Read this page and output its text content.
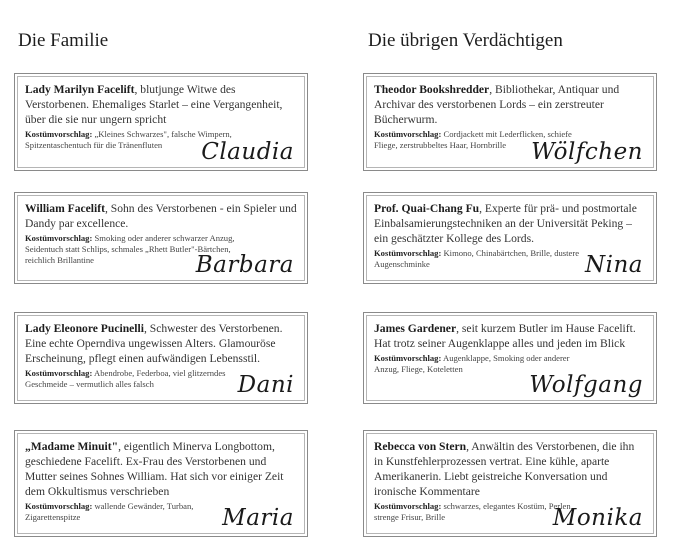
Die Familie	Die übrigen Verdächtigen
Lady Marilyn Facelift, blutjunge Witwe des Verstorbenen. Ehemaliges Starlet – eine Vergangenheit, über die sie nur ungern spricht
Kostümvorschlag: „Kleines Schwarzes", falsche Wimpern, Spitzentaschentuch für die Tränenfluten	Claudia
William Facelift, Sohn des Verstorbenen - ein Spieler und Dandy par excellence.
Kostümvorschlag: Smoking oder anderer schwarzer Anzug, Seidentuch statt Schlips, schmales „Rhett Butler"-Bärtchen, reichlich Brillantine	Barbara
Lady Eleonore Pucinelli, Schwester des Verstorbenen. Eine echte Operndiva ungewissen Alters. Glamouröse Erscheinung, pflegt einen aufwändigen Lebensstil.
Kostümvorschlag: Abendrobe, Federboa, viel glitzerndes Geschmeide – vermutlich alles falsch	Dani
„Madame Minuit", eigentlich Minerva Longbottom, geschiedene Facelift. Ex-Frau des Verstorbenen und Mutter seines Sohnes William. Hat sich vor einiger Zeit dem Okkultismus verschrieben
Kostümvorschlag: wallende Gewänder, Turban, Zigarettenspitze	Maria
Theodor Bookshredder, Bibliothekar, Antiquar und Archivar des verstorbenen Lords – ein zerstreuter Bücherwurm.
Kostümvorschlag: Cordjackett mit Lederflicken, schiefe Fliege, zerstrubbeltes Haar, Hornbrille	Wölfchen
Prof. Quai-Chang Fu, Experte für prä- und postmortale Einbalsamierungstechniken an der Universität Peking – ein geschätzter Kollege des Lords.
Kostümvorschlag: Kimono, Chinabärtchen, Brille, dustere Augenschminke	Nina
James Gardener, seit kurzem Butler im Hause Facelift. Hat trotz seiner Augenklappe alles und jeden im Blick
Kostümvorschlag: Augenklappe, Smoking oder anderer Anzug, Fliege, Koteletten
Wolfgang
Rebecca von Stern, Anwältin des Verstorbenen, die ihn in Kunstfehlerprozessen vertrat. Eine kühle, aparte Amerikanerin. Liebt geistreiche Konversation und ironische Kommentare
Kostümvorschlag: schwarzes, elegantes Kostüm, Perlen, strenge Frisur, Brille	Monika
